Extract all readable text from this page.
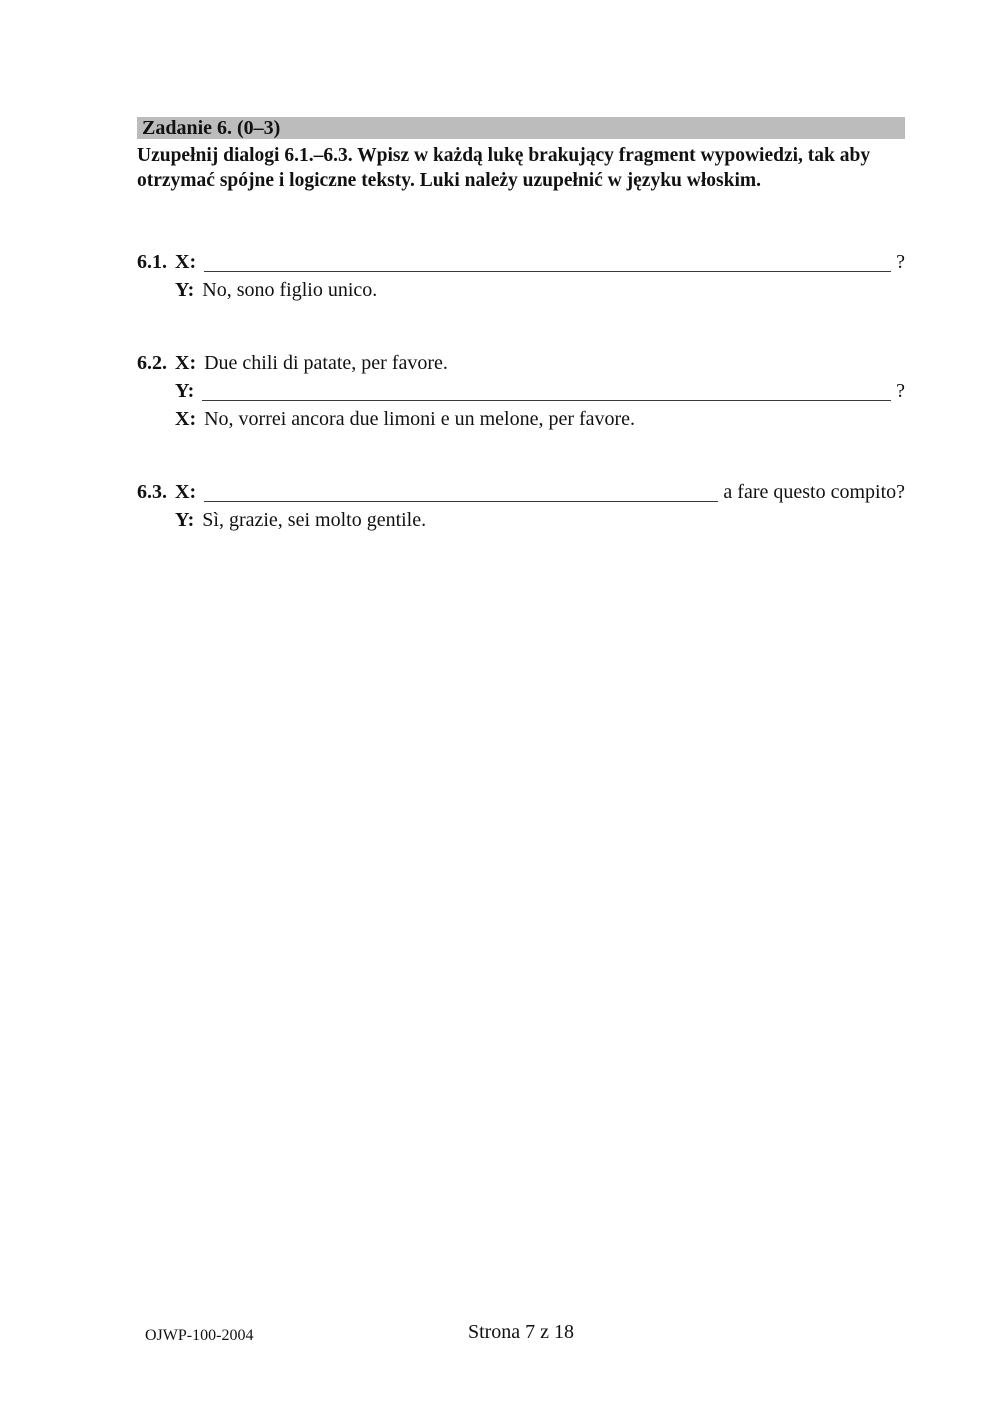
Zadanie 6. (0–3)

Uzupełnij dialogi 6.1.–6.3. Wpisz w każdą lukę brakujący fragment wypowiedzi, tak aby otrzymać spójne i logiczne teksty. Luki należy uzupełnić w języku włoskim.

6.1. X:	?
Y: No, sono figlio unico.
6.2. X: Due chili di patate, per favore.
Y:	?
X: No, vorrei ancora due limoni e un melone, per favore.
6.3. X:	a fare questo compito?
Y: Sì, grazie, sei molto gentile.
OJWP-100-2004	Strona 7 z 18
